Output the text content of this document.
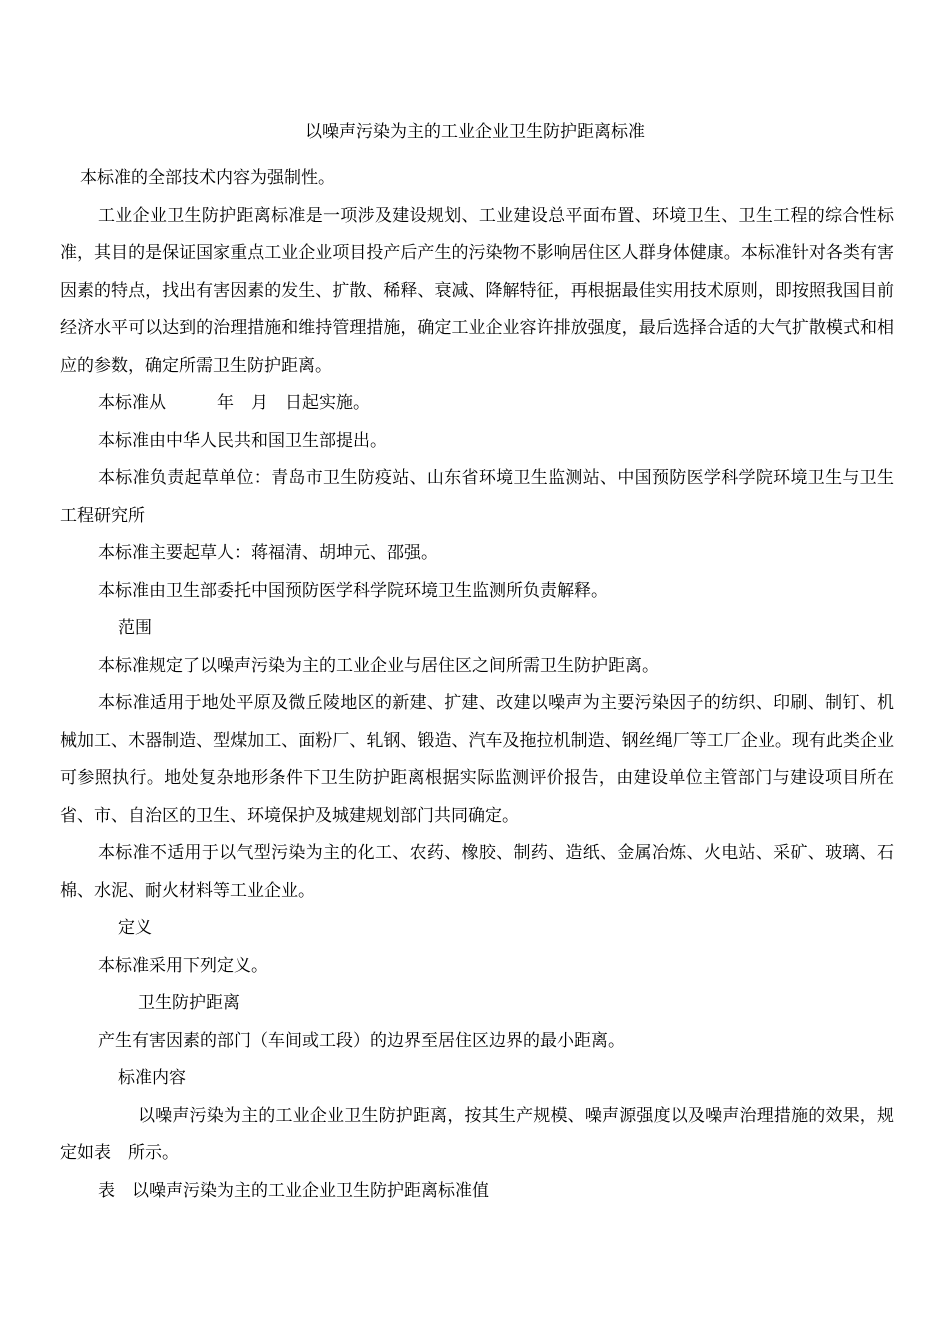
以噪声污染为主的工业企业卫生防护距离标准

本标准的全部技术内容为强制性。

工业企业卫生防护距离标准是一项涉及建设规划、工业建设总平面布置、环境卫生、卫生工程的综合性标准，其目的是保证国家重点工业企业项目投产后产生的污染物不影响居住区人群身体健康。本标准针对各类有害因素的特点，找出有害因素的发生、扩散、稀释、衰减、降解特征，再根据最佳实用技术原则，即按照我国目前经济水平可以达到的治理措施和维持管理措施，确定工业企业容许排放强度，最后选择合适的大气扩散模式和相应的参数，确定所需卫生防护距离。

本标准从　　　年　月　日起实施。

本标准由中华人民共和国卫生部提出。

本标准负责起草单位：青岛市卫生防疫站、山东省环境卫生监测站、中国预防医学科学院环境卫生与卫生工程研究所

本标准主要起草人：蒋福清、胡坤元、邵强。

本标准由卫生部委托中国预防医学科学院环境卫生监测所负责解释。

范围

本标准规定了以噪声污染为主的工业企业与居住区之间所需卫生防护距离。

本标准适用于地处平原及微丘陵地区的新建、扩建、改建以噪声为主要污染因子的纺织、印刷、制钉、机械加工、木器制造、型煤加工、面粉厂、轧钢、锻造、汽车及拖拉机制造、钢丝绳厂等工厂企业。现有此类企业可参照执行。地处复杂地形条件下卫生防护距离根据实际监测评价报告，由建设单位主管部门与建设项目所在省、市、自治区的卫生、环境保护及城建规划部门共同确定。

本标准不适用于以气型污染为主的化工、农药、橡胶、制药、造纸、金属冶炼、火电站、采矿、玻璃、石棉、水泥、耐火材料等工业企业。

定义

本标准采用下列定义。

卫生防护距离

产生有害因素的部门（车间或工段）的边界至居住区边界的最小距离。

标准内容

以噪声污染为主的工业企业卫生防护距离，按其生产规模、噪声源强度以及噪声治理措施的效果，规定如表　所示。

表　以噪声污染为主的工业企业卫生防护距离标准值
